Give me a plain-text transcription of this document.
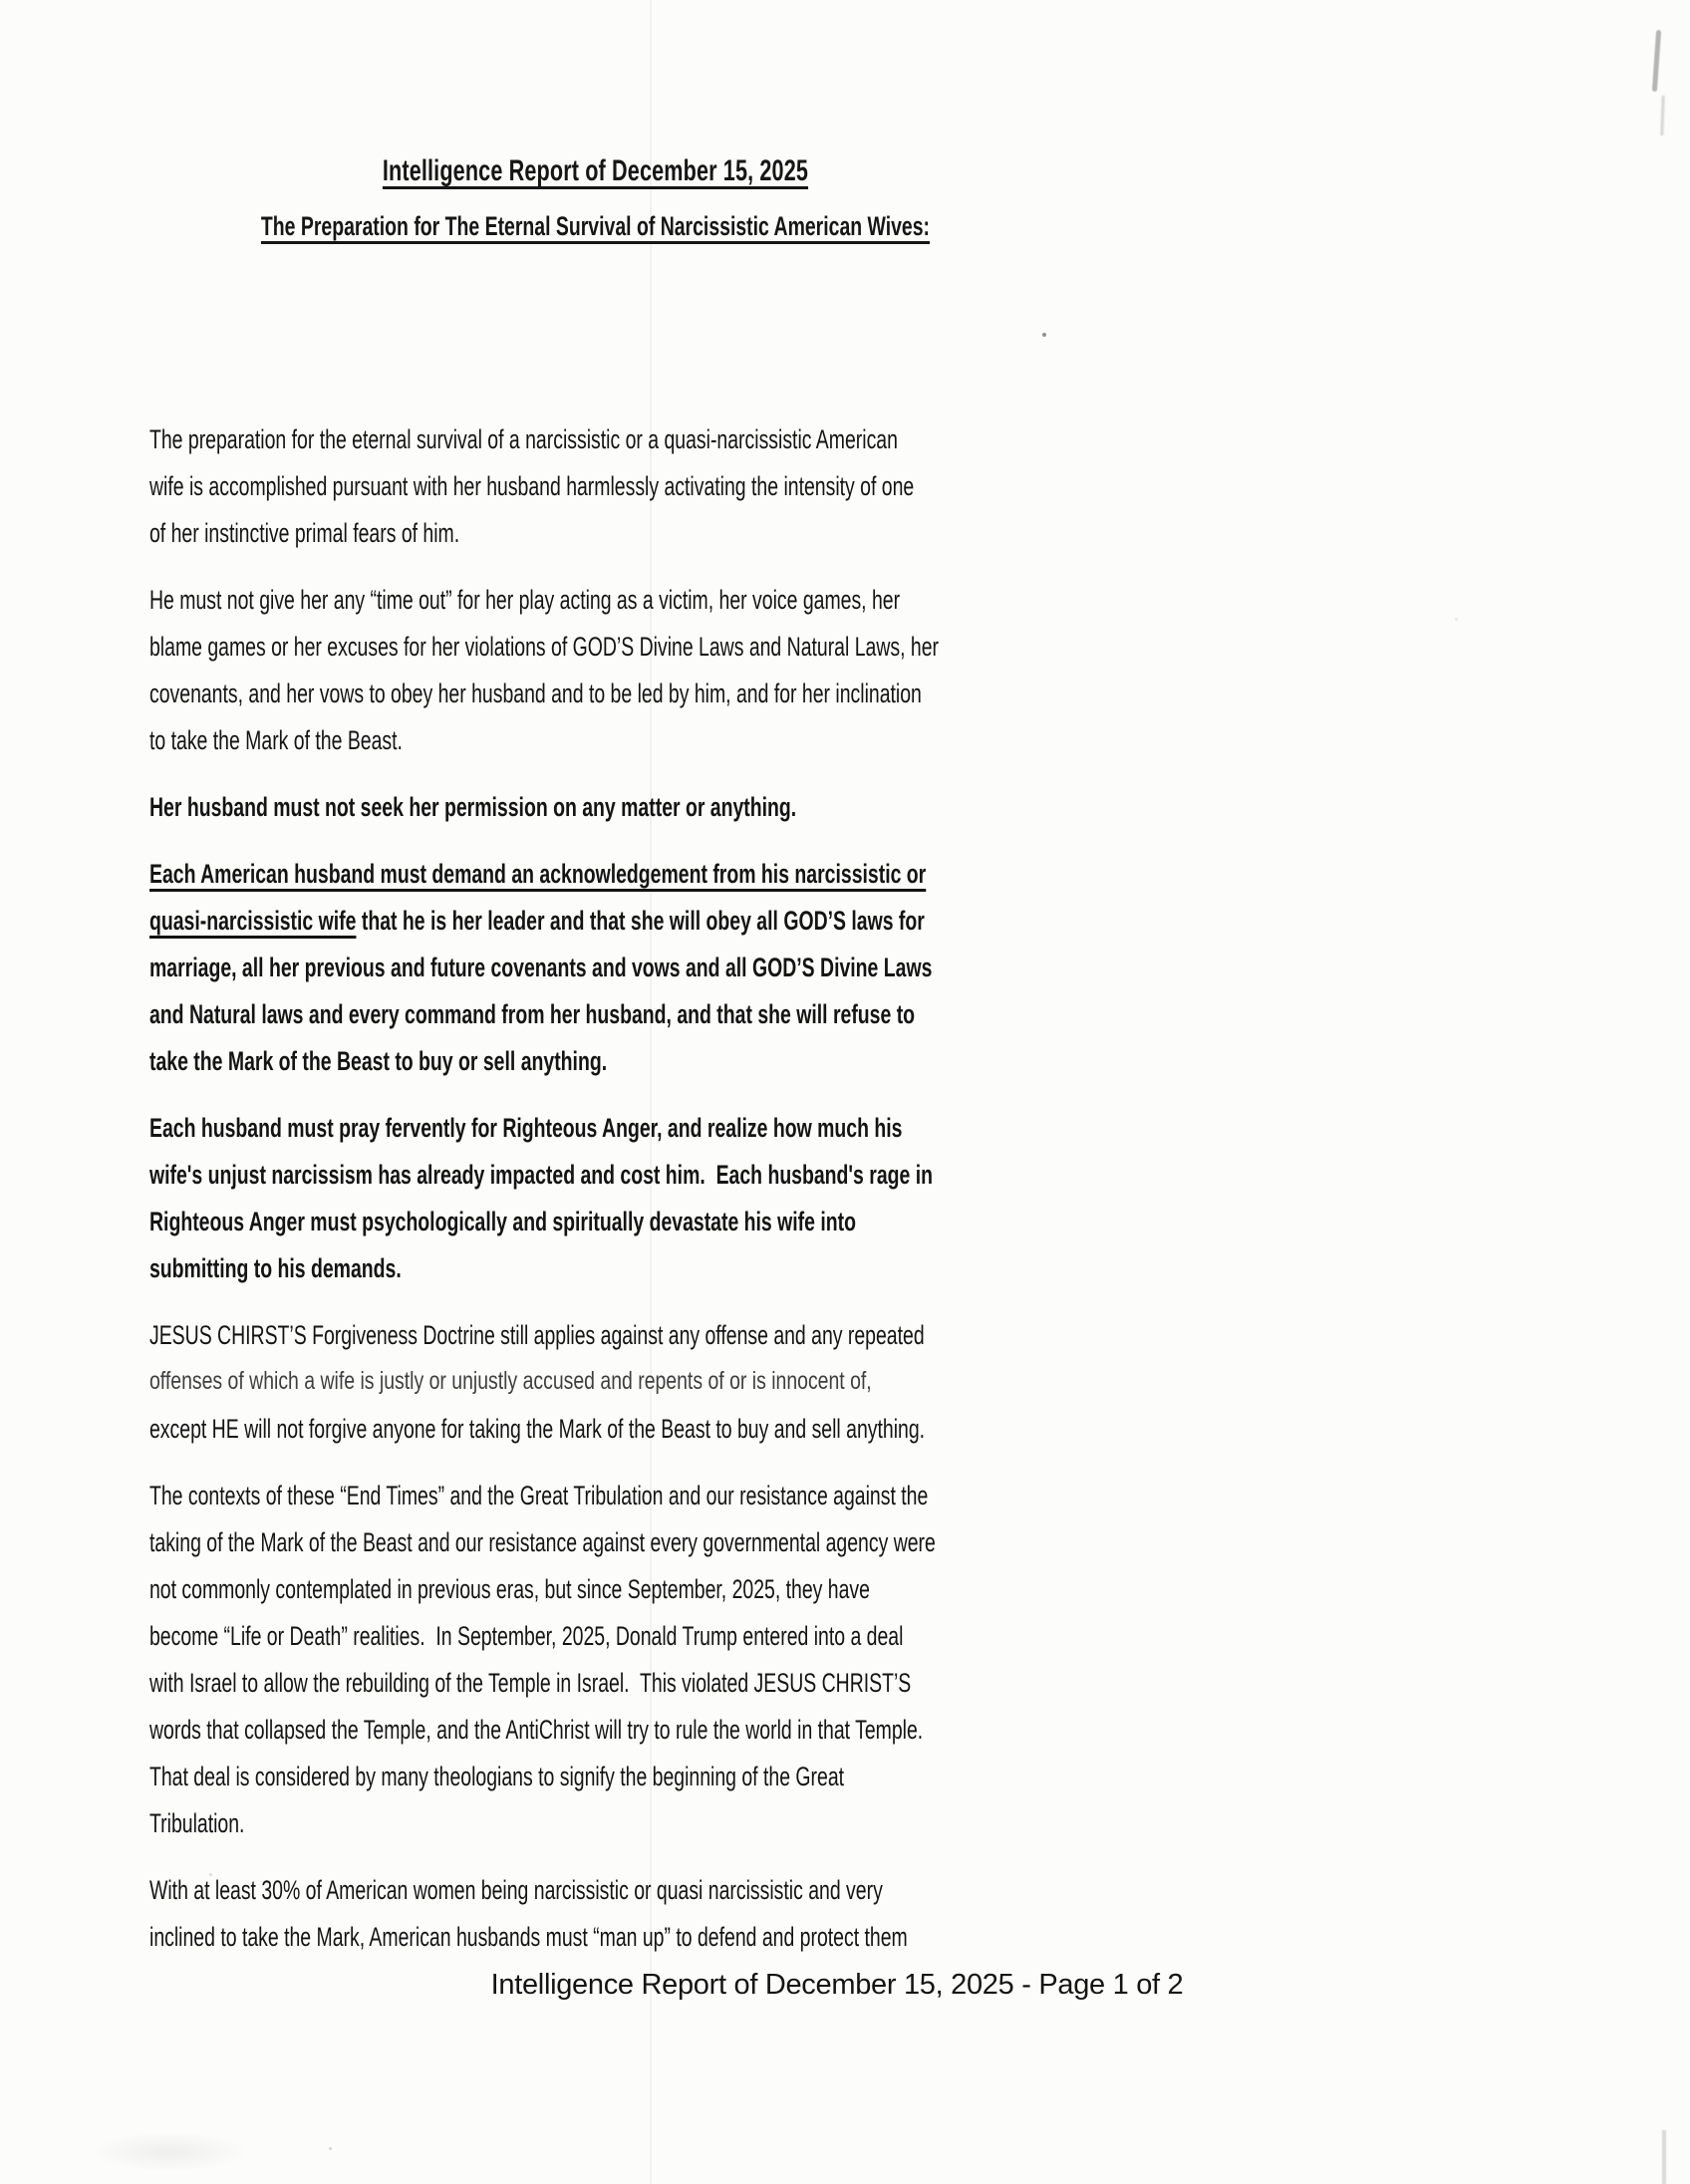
Intelligence Report of December 15, 2025
The Preparation for The Eternal Survival of Narcissistic American Wives:
The preparation for the eternal survival of a narcissistic or a quasi-narcissistic American
wife is accomplished pursuant with her husband harmlessly activating the intensity of one
of her instinctive primal fears of him.
He must not give her any “time out” for her play acting as a victim, her voice games, her
blame games or her excuses for her violations of GOD’S Divine Laws and Natural Laws, her
covenants, and her vows to obey her husband and to be led by him, and for her inclination
to take the Mark of the Beast.
Her husband must not seek her permission on any matter or anything.
Each American husband must demand an acknowledgement from his narcissistic or
quasi-narcissistic wife that he is her leader and that she will obey all GOD’S laws for
marriage, all her previous and future covenants and vows and all GOD’S Divine Laws
and Natural laws and every command from her husband, and that she will refuse to
take the Mark of the Beast to buy or sell anything.
Each husband must pray fervently for Righteous Anger, and realize how much his
wife's unjust narcissism has already impacted and cost him.  Each husband's rage in
Righteous Anger must psychologically and spiritually devastate his wife into
submitting to his demands.
JESUS CHIRST’S Forgiveness Doctrine still applies against any offense and any repeated
offenses of which a wife is justly or unjustly accused and repents of or is innocent of,
except HE will not forgive anyone for taking the Mark of the Beast to buy and sell anything.
The contexts of these “End Times” and the Great Tribulation and our resistance against the
taking of the Mark of the Beast and our resistance against every governmental agency were
not commonly contemplated in previous eras, but since September, 2025, they have
become “Life or Death” realities.  In September, 2025, Donald Trump entered into a deal
with Israel to allow the rebuilding of the Temple in Israel.  This violated JESUS CHRIST’S
words that collapsed the Temple, and the AntiChrist will try to rule the world in that Temple.
That deal is considered by many theologians to signify the beginning of the Great
Tribulation.
With at least 30% of American women being narcissistic or quasi narcissistic and very
inclined to take the Mark, American husbands must “man up” to defend and protect them
Intelligence Report of December 15, 2025 - Page 1 of 2
